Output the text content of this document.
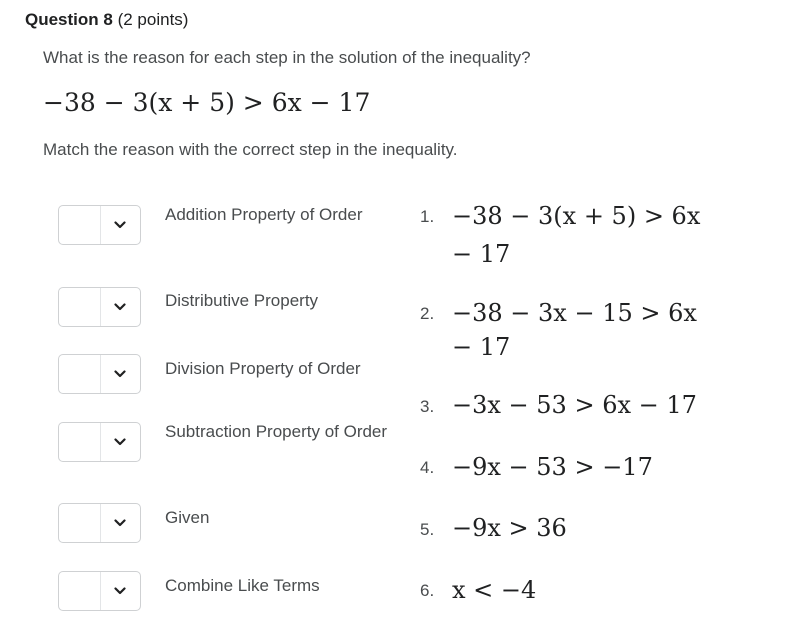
Question 8 (2 points)
What is the reason for each step in the solution of the inequality?
−38 − 3(x + 5) > 6x − 17
Match the reason with the correct step in the inequality.
Addition Property of Order
Distributive Property
Division Property of Order
Subtraction Property of Order
Given
Combine Like Terms
1. −38 − 3(x + 5) > 6x
− 17
2. −38 − 3x − 15 > 6x
− 17
3. −3x − 53 > 6x − 17
4. −9x − 53 > −17
5. −9x > 36
6. x < −4
